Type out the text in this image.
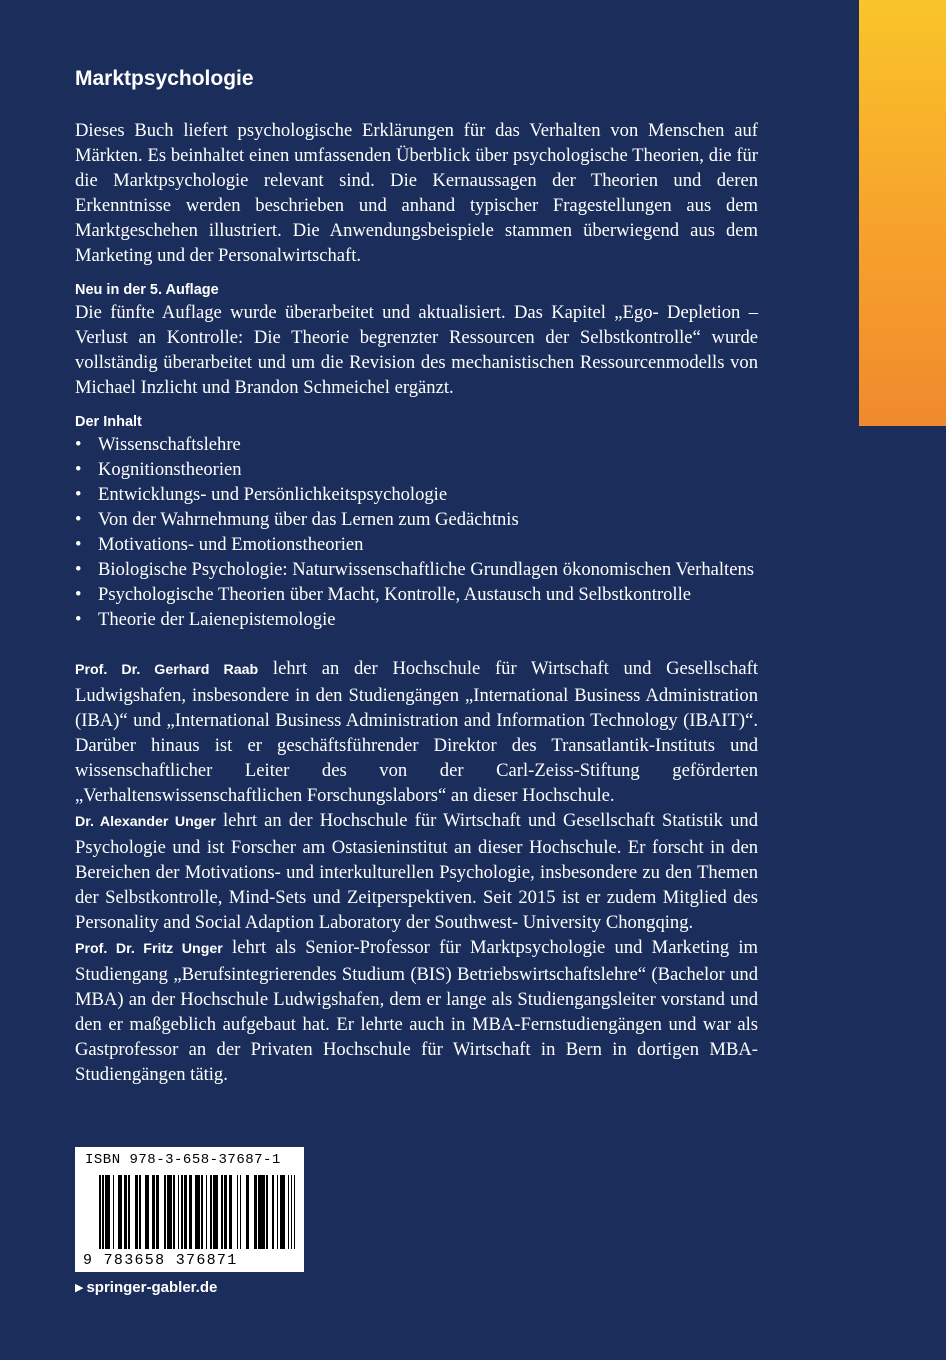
Marktpsychologie

Dieses Buch liefert psychologische Erklärungen für das Verhalten von Menschen auf Märkten. Es beinhaltet einen umfassenden Überblick über psychologische Theorien, die für die Marktpsychologie relevant sind. Die Kernaussagen der Theorien und deren Erkenntnisse werden beschrieben und anhand typischer Fragestellungen aus dem Marktgeschehen illustriert. Die Anwendungsbeispiele stammen überwiegend aus dem Marketing und der Personalwirtschaft.

Neu in der 5. Auflage

Die fünfte Auflage wurde überarbeitet und aktualisiert. Das Kapitel „Ego- Depletion – Verlust an Kontrolle: Die Theorie begrenzter Ressourcen der Selbstkontrolle“ wurde vollständig überarbeitet und um die Revision des mechanistischen Ressourcenmodells von Michael Inzlicht und Brandon Schmeichel ergänzt.

Der Inhalt
• Wissenschaftslehre
• Kognitionstheorien
• Entwicklungs- und Persönlichkeitspsychologie
• Von der Wahrnehmung über das Lernen zum Gedächtnis
• Motivations- und Emotionstheorien
• Biologische Psychologie: Naturwissenschaftliche Grundlagen ökonomischen Verhaltens
• Psychologische Theorien über Macht, Kontrolle, Austausch und Selbstkontrolle
• Theorie der Laienepistemologie

Prof. Dr. Gerhard Raab lehrt an der Hochschule für Wirtschaft und Gesellschaft Ludwigshafen, insbesondere in den Studiengängen „International Business Administration (IBA)“ und „International Business Administration and Information Technology (IBAIT)“. Darüber hinaus ist er geschäftsführender Direktor des Transatlantik-Instituts und wissenschaftlicher Leiter des von der Carl-Zeiss-Stiftung geförderten „Verhaltenswissenschaftlichen Forschungslabors“ an dieser Hochschule.

Dr. Alexander Unger lehrt an der Hochschule für Wirtschaft und Gesellschaft Statistik und Psychologie und ist Forscher am Ostasieninstitut an dieser Hochschule. Er forscht in den Bereichen der Motivations- und interkulturellen Psychologie, insbesondere zu den Themen der Selbstkontrolle, Mind-Sets und Zeitperspektiven. Seit 2015 ist er zudem Mitglied des Personality and Social Adaption Laboratory der Southwest- University Chongqing.

Prof. Dr. Fritz Unger lehrt als Senior-Professor für Marktpsychologie und Marketing im Studiengang „Berufsintegrierendes Studium (BIS) Betriebswirtschaftslehre“ (Bachelor und MBA) an der Hochschule Ludwigshafen, dem er lange als Studiengangsleiter vorstand und den er maßgeblich aufgebaut hat. Er lehrte auch in MBA-Fernstudiengängen und war als Gastprofessor an der Privaten Hochschule für Wirtschaft in Bern in dortigen MBA-Studiengängen tätig.

ISBN 978-3-658-37687-1
9 783658 376871
▶ springer-gabler.de
